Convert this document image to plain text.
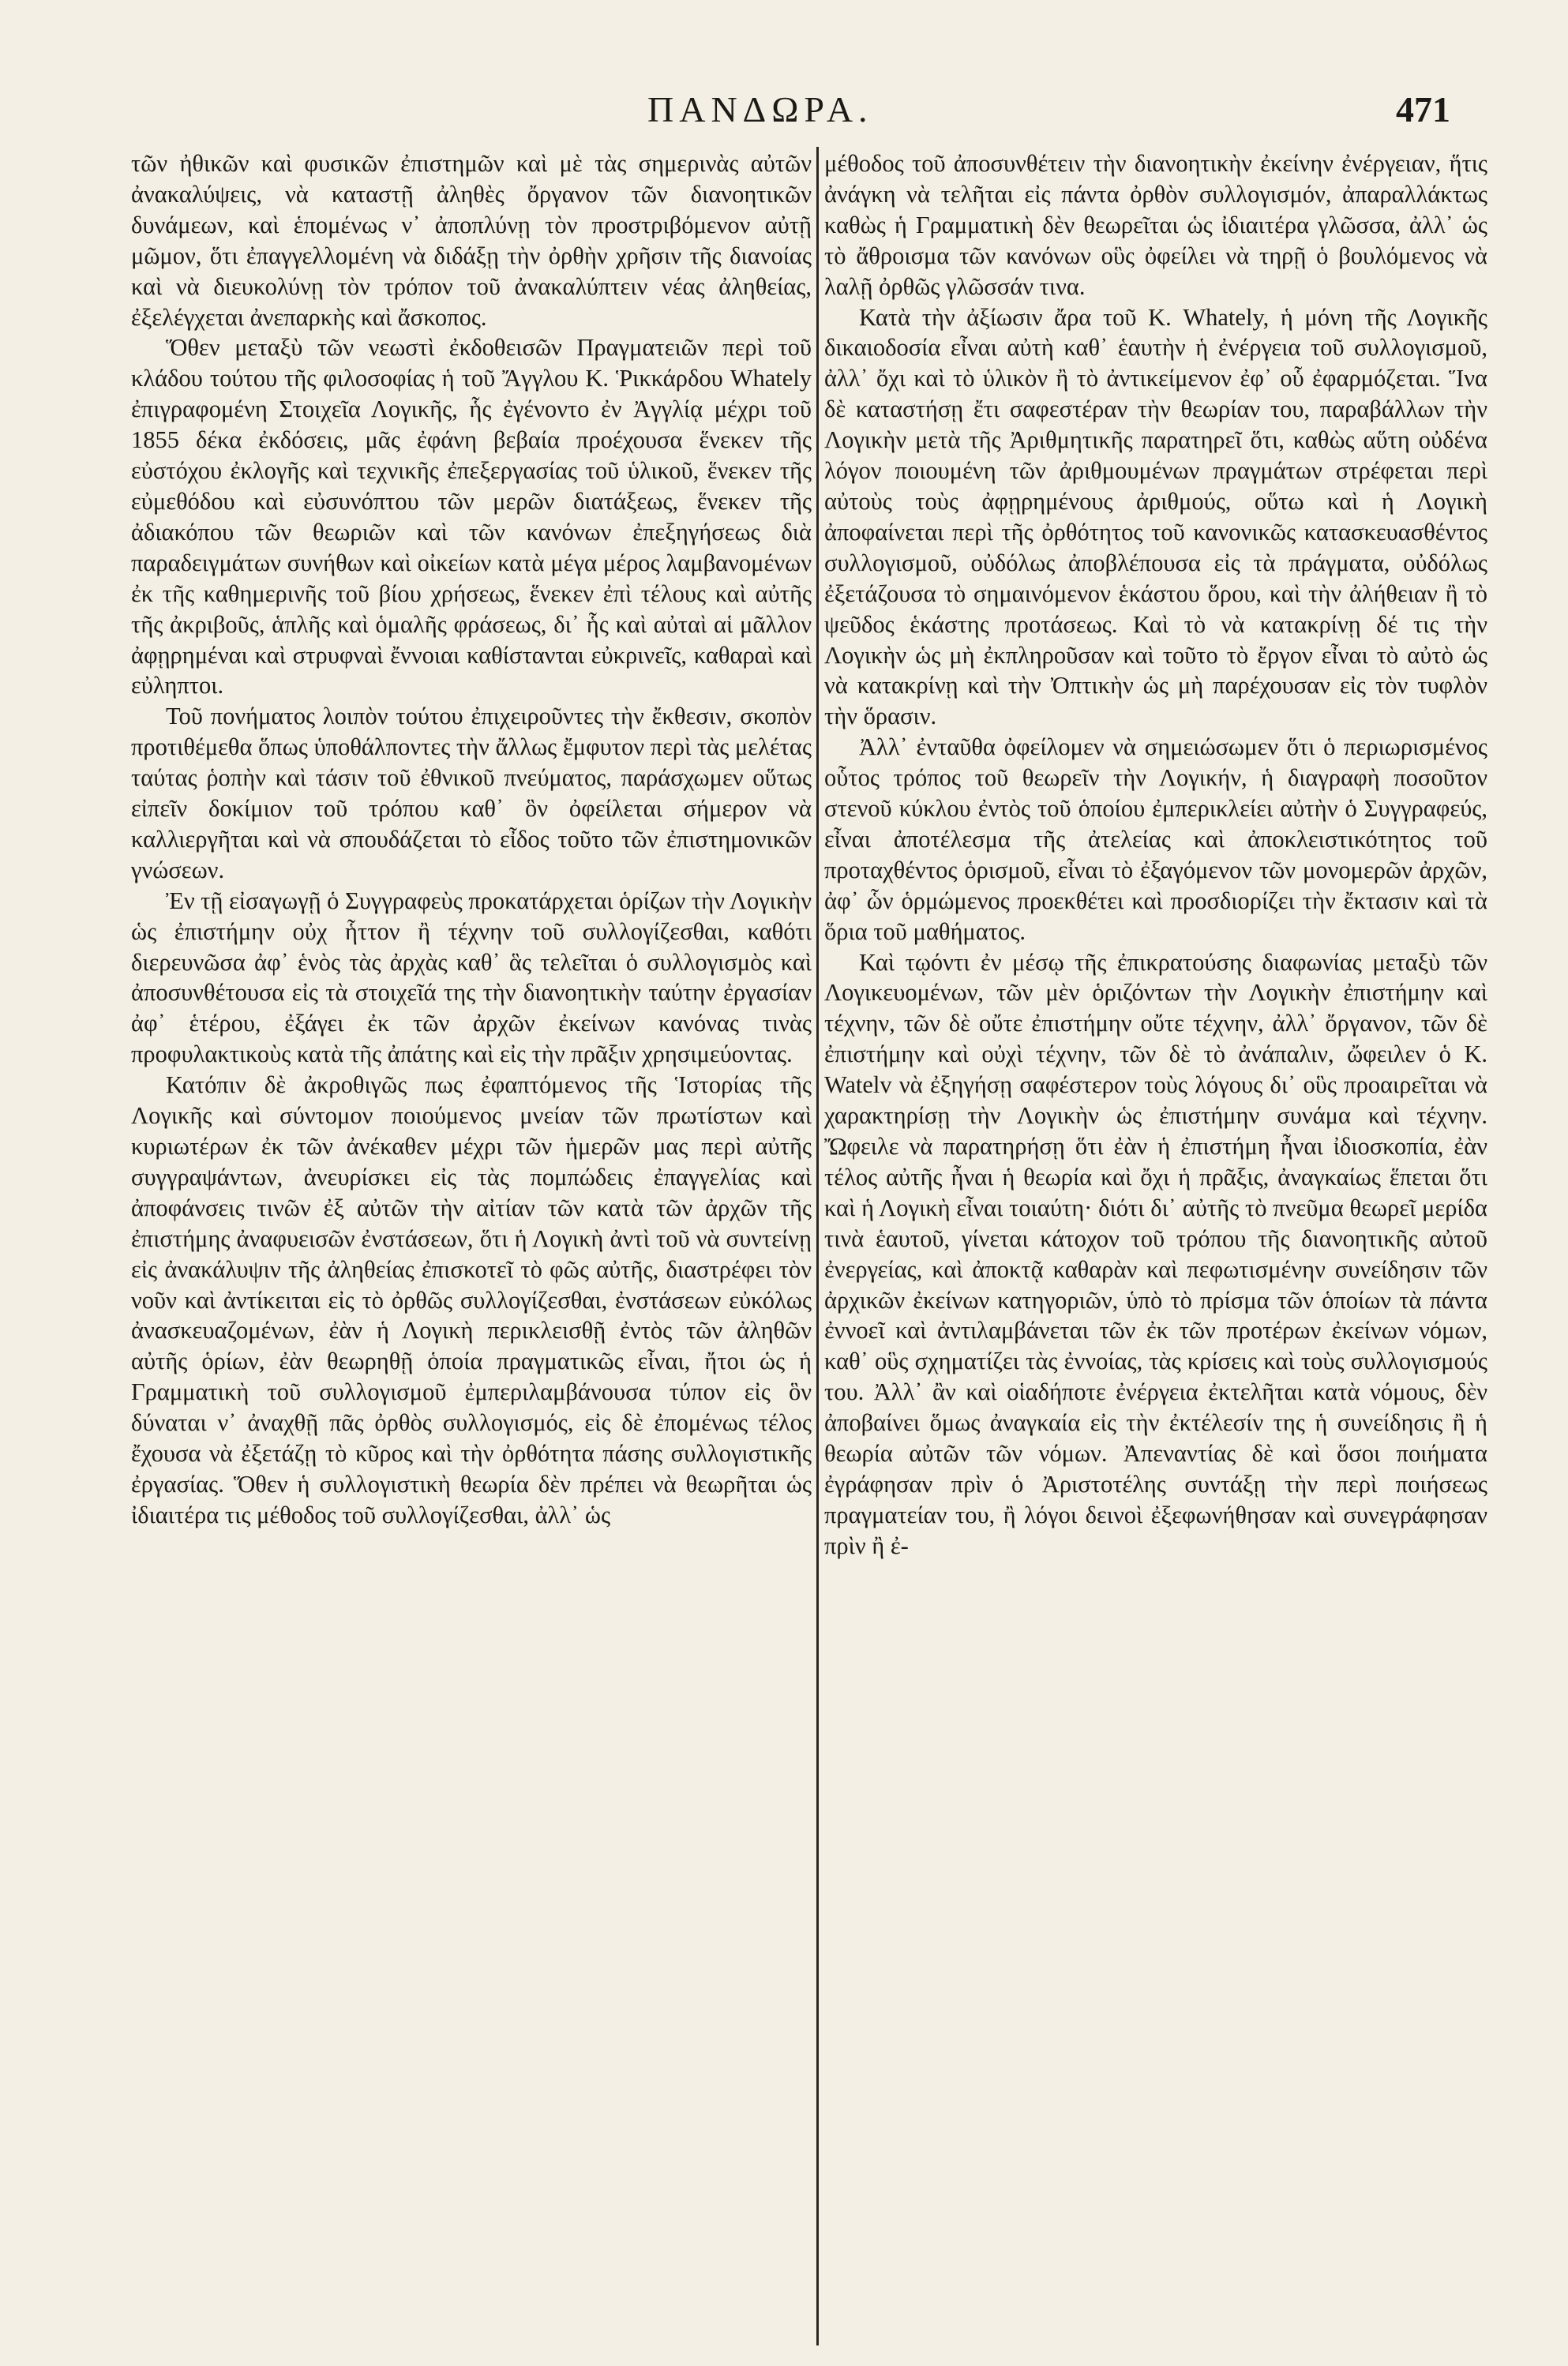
ΠΑΝΔΩΡΑ.	471

τῶν ἠθικῶν καὶ φυσικῶν ἐπιστημῶν καὶ μὲ τὰς σημερινὰς αὐτῶν ἀνακαλύψεις, νὰ καταστῇ ἀληθὲς ὄργανον τῶν διανοητικῶν δυνάμεων, καὶ ἑπομένως ν᾽ ἀποπλύνῃ τὸν προστριβόμενον αὐτῇ μῶμον, ὅτι ἐπαγγελλομένη νὰ διδάξῃ τὴν ὀρθὴν χρῆσιν τῆς διανοίας καὶ νὰ διευκολύνῃ τὸν τρόπον τοῦ ἀνακαλύπτειν νέας ἀληθείας, ἐξελέγχεται ἀνεπαρκὴς καὶ ἄσκοπος.

Ὅθεν μεταξὺ τῶν νεωστὶ ἐκδοθεισῶν Πραγματειῶν περὶ τοῦ κλάδου τούτου τῆς φιλοσοφίας ἡ τοῦ Ἄγγλου Κ. Ῥικκάρδου Whately ἐπιγραφομένη Στοιχεῖα Λογικῆς, ἧς ἐγένοντο ἐν Ἀγγλίᾳ μέχρι τοῦ 1855 δέκα ἐκδόσεις, μᾶς ἐφάνη βεβαία προέχουσα ἕνεκεν τῆς εὐστόχου ἐκλογῆς καὶ τεχνικῆς ἐπεξεργασίας τοῦ ὑλικοῦ, ἕνεκεν τῆς εὐμεθόδου καὶ εὐσυνόπτου τῶν μερῶν διατάξεως, ἕνεκεν τῆς ἀδιακόπου τῶν θεωριῶν καὶ τῶν κανόνων ἐπεξηγήσεως διὰ παραδειγμάτων συνήθων καὶ οἰκείων κατὰ μέγα μέρος λαμβανομένων ἐκ τῆς καθημερινῆς τοῦ βίου χρήσεως, ἕνεκεν ἐπὶ τέλους καὶ αὐτῆς τῆς ἀκριβοῦς, ἁπλῆς καὶ ὁμαλῆς φράσεως, δι᾽ ἧς καὶ αὐταὶ αἱ μᾶλλον ἀφῃρημέναι καὶ στρυφναὶ ἔννοιαι καθίστανται εὐκρινεῖς, καθαραὶ καὶ εὐληπτοι.

Τοῦ πονήματος λοιπὸν τούτου ἐπιχειροῦντες τὴν ἔκθεσιν, σκοπὸν προτιθέμεθα ὅπως ὑποθάλποντες τὴν ἄλλως ἔμφυτον περὶ τὰς μελέτας ταύτας ῥοπὴν καὶ τάσιν τοῦ ἐθνικοῦ πνεύματος, παράσχωμεν οὕτως εἰπεῖν δοκίμιον τοῦ τρόπου καθ᾽ ὃν ὀφείλεται σήμερον νὰ καλλιεργῆται καὶ νὰ σπουδάζεται τὸ εἶδος τοῦτο τῶν ἐπιστημονικῶν γνώσεων.

Ἐν τῇ εἰσαγωγῇ ὁ Συγγραφεὺς προκατάρχεται ὁρίζων τὴν Λογικὴν ὡς ἐπιστήμην οὐχ ἧττον ἢ τέχνην τοῦ συλλογίζεσθαι, καθότι διερευνῶσα ἀφ᾽ ἑνὸς τὰς ἀρχὰς καθ᾽ ἃς τελεῖται ὁ συλλογισμὸς καὶ ἀποσυνθέτουσα εἰς τὰ στοιχεῖά της τὴν διανοητικὴν ταύτην ἐργασίαν ἀφ᾽ ἑτέρου, ἐξάγει ἐκ τῶν ἀρχῶν ἐκείνων κανόνας τινὰς προφυλακτικοὺς κατὰ τῆς ἀπάτης καὶ εἰς τὴν πρᾶξιν χρησιμεύοντας.

Κατόπιν δὲ ἀκροθιγῶς πως ἐφαπτόμενος τῆς Ἱστορίας τῆς Λογικῆς καὶ σύντομον ποιούμενος μνείαν τῶν πρωτίστων καὶ κυριωτέρων ἐκ τῶν ἀνέκαθεν μέχρι τῶν ἡμερῶν μας περὶ αὐτῆς συγγραψάντων, ἀνευρίσκει εἰς τὰς πομπώδεις ἐπαγγελίας καὶ ἀποφάνσεις τινῶν ἐξ αὐτῶν τὴν αἰτίαν τῶν κατὰ τῶν ἀρχῶν τῆς ἐπιστήμης ἀναφυεισῶν ἐνστάσεων, ὅτι ἡ Λογικὴ ἀντὶ τοῦ νὰ συντείνῃ εἰς ἀνακάλυψιν τῆς ἀληθείας ἐπισκοτεῖ τὸ φῶς αὐτῆς, διαστρέφει τὸν νοῦν καὶ ἀντίκειται εἰς τὸ ὀρθῶς συλλογίζεσθαι, ἐνστάσεων εὐκόλως ἀνασκευαζομένων, ἐὰν ἡ Λογικὴ περικλεισθῇ ἐντὸς τῶν ἀληθῶν αὐτῆς ὁρίων, ἐὰν θεωρηθῇ ὁποία πραγματικῶς εἶναι, ἤτοι ὡς ἡ Γραμματικὴ τοῦ συλλογισμοῦ ἐμπεριλαμβάνουσα τύπον εἰς ὃν δύναται ν᾽ ἀναχθῇ πᾶς ὀρθὸς συλλογισμός, εἰς δὲ ἐπομένως τέλος ἔχουσα νὰ ἐξετάζῃ τὸ κῦρος καὶ τὴν ὀρθότητα πάσης συλλογιστικῆς ἐργασίας. Ὅθεν ἡ συλλογιστικὴ θεωρία δὲν πρέπει νὰ θεωρῆται ὡς ἰδιαιτέρα τις μέθοδος τοῦ συλλογίζεσθαι, ἀλλ᾽ ὡς

μέθοδος τοῦ ἀποσυνθέτειν τὴν διανοητικὴν ἐκείνην ἐνέργειαν, ἥτις ἀνάγκη νὰ τελῆται εἰς πάντα ὀρθὸν συλλογισμόν, ἀπαραλλάκτως καθὼς ἡ Γραμματικὴ δὲν θεωρεῖται ὡς ἰδιαιτέρα γλῶσσα, ἀλλ᾽ ὡς τὸ ἄθροισμα τῶν κανόνων οὓς ὀφείλει νὰ τηρῇ ὁ βουλόμενος νὰ λαλῇ ὀρθῶς γλῶσσάν τινα.

Κατὰ τὴν ἀξίωσιν ἄρα τοῦ Κ. Whately, ἡ μόνη τῆς Λογικῆς δικαιοδοσία εἶναι αὐτὴ καθ᾽ ἑαυτὴν ἡ ἐνέργεια τοῦ συλλογισμοῦ, ἀλλ᾽ ὄχι καὶ τὸ ὑλικὸν ἢ τὸ ἀντικείμενον ἐφ᾽ οὗ ἐφαρμόζεται. Ἵνα δὲ καταστήσῃ ἔτι σαφεστέραν τὴν θεωρίαν του, παραβάλλων τὴν Λογικὴν μετὰ τῆς Ἀριθμητικῆς παρατηρεῖ ὅτι, καθὼς αὕτη οὐδένα λόγον ποιουμένη τῶν ἀριθμουμένων πραγμάτων στρέφεται περὶ αὐτοὺς τοὺς ἀφῃρημένους ἀριθμούς, οὕτω καὶ ἡ Λογικὴ ἀποφαίνεται περὶ τῆς ὀρθότητος τοῦ κανονικῶς κατασκευασθέντος συλλογισμοῦ, οὐδόλως ἀποβλέπουσα εἰς τὰ πράγματα, οὐδόλως ἐξετάζουσα τὸ σημαινόμενον ἑκάστου ὅρου, καὶ τὴν ἀλήθειαν ἢ τὸ ψεῦδος ἑκάστης προτάσεως. Καὶ τὸ νὰ κατακρίνῃ δέ τις τὴν Λογικὴν ὡς μὴ ἐκπληροῦσαν καὶ τοῦτο τὸ ἔργον εἶναι τὸ αὐτὸ ὡς νὰ κατακρίνῃ καὶ τὴν Ὀπτικὴν ὡς μὴ παρέχουσαν εἰς τὸν τυφλὸν τὴν ὅρασιν.

Ἀλλ᾽ ἐνταῦθα ὀφείλομεν νὰ σημειώσωμεν ὅτι ὁ περιωρισμένος οὗτος τρόπος τοῦ θεωρεῖν τὴν Λογικήν, ἡ διαγραφὴ ποσοῦτον στενοῦ κύκλου ἐντὸς τοῦ ὁποίου ἐμπερικλείει αὐτὴν ὁ Συγγραφεύς, εἶναι ἀποτέλεσμα τῆς ἀτελείας καὶ ἀποκλειστικότητος τοῦ προταχθέντος ὁρισμοῦ, εἶναι τὸ ἐξαγόμενον τῶν μονομερῶν ἀρχῶν, ἀφ᾽ ὧν ὁρμώμενος προεκθέτει καὶ προσδιορίζει τὴν ἔκτασιν καὶ τὰ ὅρια τοῦ μαθήματος.

Καὶ τῳόντι ἐν μέσῳ τῆς ἐπικρατούσης διαφωνίας μεταξὺ τῶν Λογικευομένων, τῶν μὲν ὁριζόντων τὴν Λογικὴν ἐπιστήμην καὶ τέχνην, τῶν δὲ οὔτε ἐπιστήμην οὔτε τέχνην, ἀλλ᾽ ὄργανον, τῶν δὲ ἐπιστήμην καὶ οὐχὶ τέχνην, τῶν δὲ τὸ ἀνάπαλιν, ὤφειλεν ὁ Κ. Watelv νὰ ἐξηγήσῃ σαφέστερον τοὺς λόγους δι᾽ οὓς προαιρεῖται νὰ χαρακτηρίσῃ τὴν Λογικὴν ὡς ἐπιστήμην συνάμα καὶ τέχνην. Ὤφειλε νὰ παρατηρήσῃ ὅτι ἐὰν ἡ ἐπιστήμη ἦναι ἰδιοσκοπία, ἐὰν τέλος αὐτῆς ἦναι ἡ θεωρία καὶ ὄχι ἡ πρᾶξις, ἀναγκαίως ἕπεται ὅτι καὶ ἡ Λογικὴ εἶναι τοιαύτη· διότι δι᾽ αὐτῆς τὸ πνεῦμα θεωρεῖ μερίδα τινὰ ἑαυτοῦ, γίνεται κάτοχον τοῦ τρόπου τῆς διανοητικῆς αὐτοῦ ἐνεργείας, καὶ ἀποκτᾷ καθαρὰν καὶ πεφωτισμένην συνείδησιν τῶν ἀρχικῶν ἐκείνων κατηγοριῶν, ὑπὸ τὸ πρίσμα τῶν ὁποίων τὰ πάντα ἐννοεῖ καὶ ἀντιλαμβάνεται τῶν ἐκ τῶν προτέρων ἐκείνων νόμων, καθ᾽ οὓς σχηματίζει τὰς ἐννοίας, τὰς κρίσεις καὶ τοὺς συλλογισμούς του. Ἀλλ᾽ ἂν καὶ οἱαδήποτε ἐνέργεια ἐκτελῆται κατὰ νόμους, δὲν ἀποβαίνει ὅμως ἀναγκαία εἰς τὴν ἐκτέλεσίν της ἡ συνείδησις ἢ ἡ θεωρία αὐτῶν τῶν νόμων. Ἀπεναντίας δὲ καὶ ὅσοι ποιήματα ἐγράφησαν πρὶν ὁ Ἀριστοτέλης συντάξῃ τὴν περὶ ποιήσεως πραγματείαν του, ἢ λόγοι δεινοὶ ἐξεφωνήθησαν καὶ συνεγράφησαν πρὶν ἢ ἐ-
